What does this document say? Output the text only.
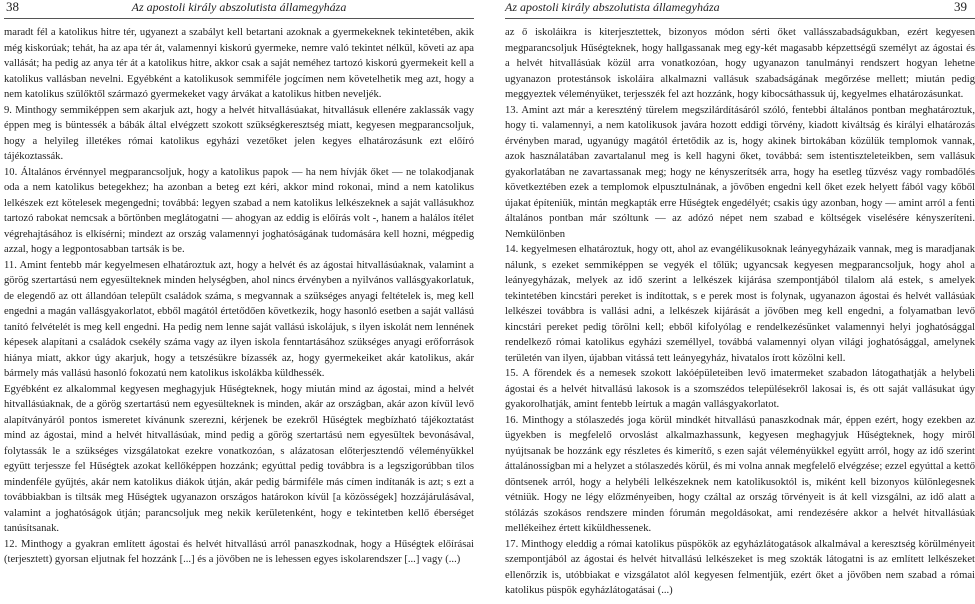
38	Az apostoli király abszolutista államegyháza

maradt fél a katolikus hitre tér, ugyanezt a szabályt kell betartani azoknak a gyermekeknek tekintetében, akik még kiskorúak; tehát, ha az apa tér át, valamennyi kiskorú gyermeke, nemre való tekintet nélkül, követi az apa vallását; ha pedig az anya tér át a katolikus hitre, akkor csak a saját neméhez tartozó kiskorú gyermekeit kell a katolikus vallásban nevelni. Egyébként a katolikusok semmiféle jogcímen nem követelhetik meg azt, hogy a nem katolikus szülőktől származó gyermekeket vagy árvákat a katolikus hitben neveljék.

9. Minthogy semmiképpen sem akarjuk azt, hogy a helvét hitvallásúakat, hitvallásuk ellenére zaklassák vagy éppen meg is büntessék a bábák által elvégzett szokott szükségkeresztség miatt, kegyesen megparancsoljuk, hogy a helyileg illetékes római katolikus egyházi vezetőket jelen kegyes elhatározásunk ezt előíró tájékoztassák.

10. Általános érvénnyel megparancsoljuk, hogy a katolikus papok — ha nem hívják őket — ne tolakodjanak oda a nem katolikus betegekhez; ha azonban a beteg ezt kéri, akkor mind rokonai, mind a nem katolikus lelkészek ezt kötelesek megengedni; továbbá: legyen szabad a nem katolikus lelkészeknek a saját vallásukhoz tartozó rabokat nemcsak a börtönben meglátogatni — ahogyan az eddig is előírás volt -, hanem a halálos ítélet végrehajtásához is elkísérni; mindezt az ország valamennyi joghatóságának tudomására kell hozni, mégpedig azzal, hogy a legpontosabban tartsák is be.

11. Amint fentebb már kegyelmesen elhatároztuk azt, hogy a helvét és az ágostai hitvallásúaknak, valamint a görög szertartású nem egyesülteknek minden helységben, ahol nincs érvényben a nyilvános vallásgyakorlatuk, de elegendő az ott állandóan települt családok száma, s megvannak a szükséges anyagi feltételek is, meg kell engedni a magán vallásgyakorlatot, ebből magától értetődően következik, hogy hasonló esetben a saját vallású tanító felvételét is meg kell engedni. Ha pedig nem lenne saját vallású iskolájuk, s ilyen iskolát nem lennének képesek alapítani a családok csekély száma vagy az ilyen iskola fenntartásához szükséges anyagi erőforrások hiánya miatt, akkor úgy akarjuk, hogy a tetszésükre bízassék az, hogy gyermekeiket akár katolikus, akár bármely más vallású hasonló fokozatú nem katolikus iskolákba küldhessék.

Egyébként ez alkalommal kegyesen meghagyjuk Hűségteknek, hogy miután mind az ágostai, mind a helvét hitvallásúaknak, de a görög szertartású nem egyesülteknek is minden, akár az országban, akár azon kívül levő alapítványáról pontos ismeretet kívánunk szerezni, kérjenek be ezekről Hűségtek megbízható tájékoztatást mind az ágostai, mind a helvét hitvallásúak, mind pedig a görög szertartású nem egyesültek bevonásával, folytassák le a szükséges vizsgálatokat ezekre vonatkozóan, s alázatosan előterjesztendő véleményükkel együtt terjessze fel Hűségtek azokat kellőképpen hozzánk; egyúttal pedig továbbra is a legszigorúbban tilos mindenféle gyűjtés, akár nem katolikus diákok útján, akár pedig bármiféle más címen indítanák is azt; s ezt a továbbiakban is tiltsák meg Hűségtek ugyanazon országos határokon kívül [a közösségek] hozzájárulásával, valamint a joghatóságok útján; parancsoljuk meg nekik kerületenként, hogy e tekintetben kellő éberséget tanúsítsanak.

12. Minthogy a gyakran említett ágostai és helvét hitvallású arról panaszkodnak, hogy a Hűségtek előírásai (terjesztett) gyorsan eljutnak fel hozzánk [...] és a jövőben ne is lehessen egyes iskolarendszer [...] vagy (...)

Az apostoli király abszolutista államegyháza	39

az ő iskoláikra is kiterjesztettek, bizonyos módon sérti őket vallásszabadságukban, ezért kegyesen megparancsoljuk Hűségteknek, hogy hallgassanak meg egy-két magasabb képzettségű személyt az ágostai és a helvét hitvallásúak közül arra vonatkozóan, hogy ugyanazon tanulmányi rendszert hogyan lehetne ugyanazon protestánsok iskoláira alkalmazni vallásuk szabadságának megőrzése mellett; miután pedig meggyeztek véleményüket, terjesszék fel azt hozzánk, hogy kibocsáthassuk új, kegyelmes elhatározásunkat.

13. Amint azt már a kereszténý türelem megszilárdításáról szóló, fentebbi általános pontban meghatároztuk, hogy ti. valamennyi, a nem katolikusok javára hozott eddigi törvény, kiadott kiváltság és királyi elhatározás érvényben marad, ugyanúgy magától értetődik az is, hogy akinek birtokában közülük templomok vannak, azok használatában zavartalanul meg is kell hagyni őket, továbbá: sem istentiszteleteikben, sem vallásuk gyakorlatában ne zavartassanak meg; hogy ne kényszerítsék arra, hogy ha esetleg tűzvész vagy rombadőlés következtében ezek a templomok elpusztulnának, a jövőben engedni kell őket ezek helyett fából vagy kőből újakat építeniük, mintán megkapták erre Hűségtek engedélyét; csakis úgy azonban, hogy — amint arról a fenti általános pontban már szóltunk — az adózó népet nem szabad e költségek viselésére kényszeríteni. Nemkülönben

14. kegyelmesen elhatároztuk, hogy ott, ahol az evangélikusoknak leányegyházaik vannak, meg is maradjanak nálunk, s ezeket semmiképpen se vegyék el tőlük; ugyancsak kegyesen megparancsoljuk, hogy ahol a leányegyházak, melyek az idő szerint a lelkészek kijárása szempontjából tilalom alá estek, s amelyek tekintetében kincstári pereket is indítottak, s e perek most is folynak, ugyanazon ágostai és helvét vallásúak lelkészei továbbra is vallási adni, a lelkészek kijárását a jövőben meg kell engedni, a folyamatban levő kincstári pereket pedig törölni kell; ebből kifolyólag e rendelkezésünket valamennyi helyi joghatósággal rendelkező római katolikus egyházi személlyel, továbbá valamennyi olyan világi joghatósággal, amelynek területén van ilyen, újabban vitássá tett leányegyház, hivatalos írott közölni kell.

15. A főrendek és a nemesek szokott lakóépületeiben levő imatermeket szabadon látogathatják a helybeli ágostai és a helvét hitvallású lakosok is a szomszédos településekről lakosai is, és ott saját vallásukat úgy gyakorolhatják, amint fentebb leírtuk a magán vallásgyakorlatot.

16. Minthogy a stólaszedés joga körül mindkét hitvallású panaszkodnak már, éppen ezért, hogy ezekben az ügyekben is megfelelő orvoslást alkalmazhassunk, kegyesen meghagyjuk Hűségteknek, hogy miről nyújtsanak be hozzánk egy részletes és kimerítő, s ezen saját véleményükkel együtt arról, hogy az idő szerint áttalánossígban mi a helyzet a stólaszedés körül, és mi volna annak megfelelő elvégzése; ezzel egyúttal a kettő döntsenek arról, hogy a helybéli lelkészeknek nem katolikusoktól is, miként kell bizonyos különlegesnek vétniük. Hogy ne légy előzményeiben, hogy czáltal az ország törvényeit is át kell vizsgálni, az idő alatt a stólázás szokásos rendszere minden fórumán megoldásokat, ami rendezésére akkor a helvét hitvallásúak mellékeihez értett kiküldhessenek.

17. Minthogy eleddig a római katolikus püspökök az egyházlátogatások alkalmával a keresztség körülményeit szempontjából az ágostai és helvét hitvallású lelkészeket is meg szokták látogatni is az említett lelkészeket ellenőrzik is, utóbbiakat e vizsgálatot alól kegyesen felmentjük, ezért őket a jövőben nem szabad a római katolikus püspök egyházlátogatásai (...)
